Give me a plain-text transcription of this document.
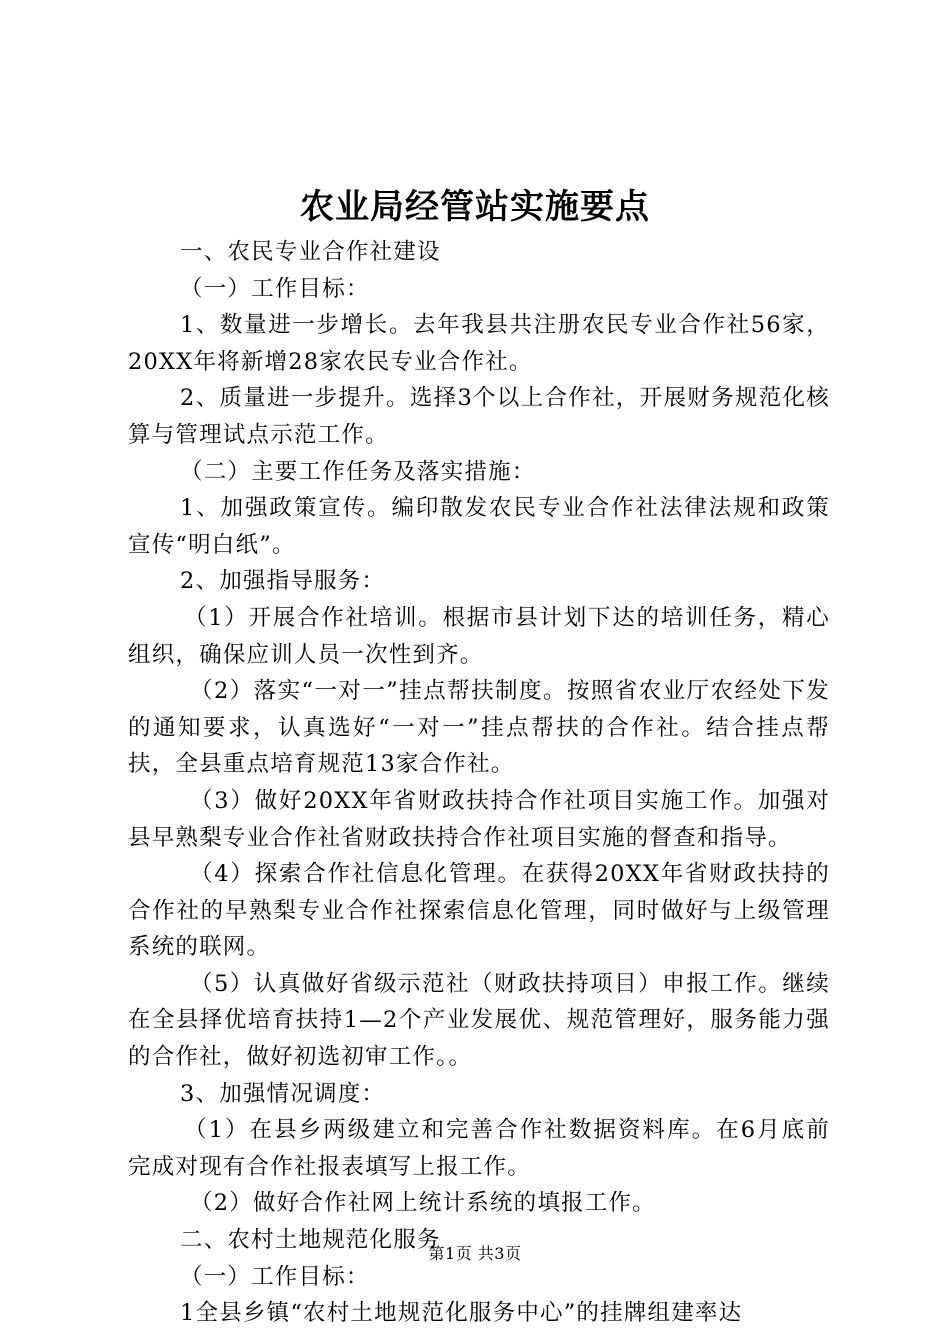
农业局经管站实施要点

一、农民专业合作社建设

（一）工作目标：

1、数量进一步增长。去年我县共注册农民专业合作社56家，20XX年将新增28家农民专业合作社。

2、质量进一步提升。选择3个以上合作社，开展财务规范化核算与管理试点示范工作。

（二）主要工作任务及落实措施：

1、加强政策宣传。编印散发农民专业合作社法律法规和政策宣传“明白纸”。

2、加强指导服务：

（1）开展合作社培训。根据市县计划下达的培训任务，精心组织，确保应训人员一次性到齐。

（2）落实“一对一”挂点帮扶制度。按照省农业厅农经处下发的通知要求，认真选好“一对一”挂点帮扶的合作社。结合挂点帮扶，全县重点培育规范13家合作社。

（3）做好20XX年省财政扶持合作社项目实施工作。加强对县早熟梨专业合作社省财政扶持合作社项目实施的督查和指导。

（4）探索合作社信息化管理。在获得20XX年省财政扶持的合作社的早熟梨专业合作社探索信息化管理，同时做好与上级管理系统的联网。

（5）认真做好省级示范社（财政扶持项目）申报工作。继续在全县择优培育扶持1—2个产业发展优、规范管理好，服务能力强的合作社，做好初选初审工作。。

3、加强情况调度：

（1）在县乡两级建立和完善合作社数据资料库。在6月底前完成对现有合作社报表填写上报工作。

（2）做好合作社网上统计系统的填报工作。

二、农村土地规范化服务

（一）工作目标：

1全县乡镇“农村土地规范化服务中心”的挂牌组建率达

第1页 共3页
